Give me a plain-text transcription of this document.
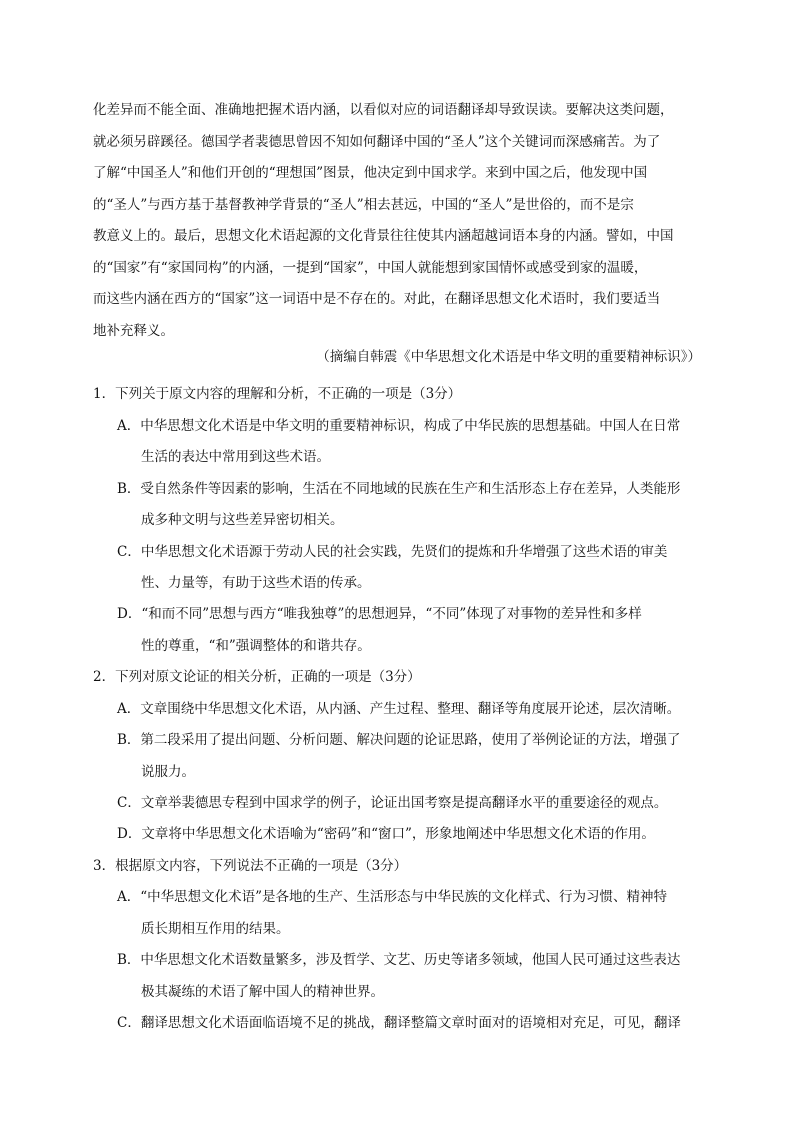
化差异而不能全面、准确地把握术语内涵，以看似对应的词语翻译却导致误读。要解决这类问题，
就必须另辟蹊径。德国学者裴德思曾因不知如何翻译中国的“圣人”这个关键词而深感痛苦。为了
了解“中国圣人”和他们开创的“理想国”图景，他决定到中国求学。来到中国之后，他发现中国
的“圣人”与西方基于基督教神学背景的“圣人”相去甚远，中国的“圣人”是世俗的，而不是宗
教意义上的。最后，思想文化术语起源的文化背景往往使其内涵超越词语本身的内涵。譬如，中国
的“国家”有“家国同构”的内涵，一提到“国家”，中国人就能想到家国情怀或感受到家的温暖，
而这些内涵在西方的“国家”这一词语中是不存在的。对此，在翻译思想文化术语时，我们要适当
地补充释义。
（摘编自韩震《中华思想文化术语是中华文明的重要精神标识》）
1．下列关于原文内容的理解和分析，不正确的一项是（3分）
A．中华思想文化术语是中华文明的重要精神标识，构成了中华民族的思想基础。中国人在日常
生活的表达中常用到这些术语。
B．受自然条件等因素的影响，生活在不同地域的民族在生产和生活形态上存在差异，人类能形
成多种文明与这些差异密切相关。
C．中华思想文化术语源于劳动人民的社会实践，先贤们的提炼和升华增强了这些术语的审美
性、力量等，有助于这些术语的传承。
D．“和而不同”思想与西方“唯我独尊”的思想迥异，“不同”体现了对事物的差异性和多样
性的尊重，“和”强调整体的和谐共存。
2．下列对原文论证的相关分析，正确的一项是（3分）
A．文章围绕中华思想文化术语，从内涵、产生过程、整理、翻译等角度展开论述，层次清晰。
B．第二段采用了提出问题、分析问题、解决问题的论证思路，使用了举例论证的方法，增强了
说服力。
C．文章举裴德思专程到中国求学的例子，论证出国考察是提高翻译水平的重要途径的观点。
D．文章将中华思想文化术语喻为“密码”和“窗口”，形象地阐述中华思想文化术语的作用。
3．根据原文内容，下列说法不正确的一项是（3分）
A．“中华思想文化术语”是各地的生产、生活形态与中华民族的文化样式、行为习惯、精神特
质长期相互作用的结果。
B．中华思想文化术语数量繁多，涉及哲学、文艺、历史等诸多领域，他国人民可通过这些表达
极其凝练的术语了解中国人的精神世界。
C．翻译思想文化术语面临语境不足的挑战，翻译整篇文章时面对的语境相对充足，可见，翻译
